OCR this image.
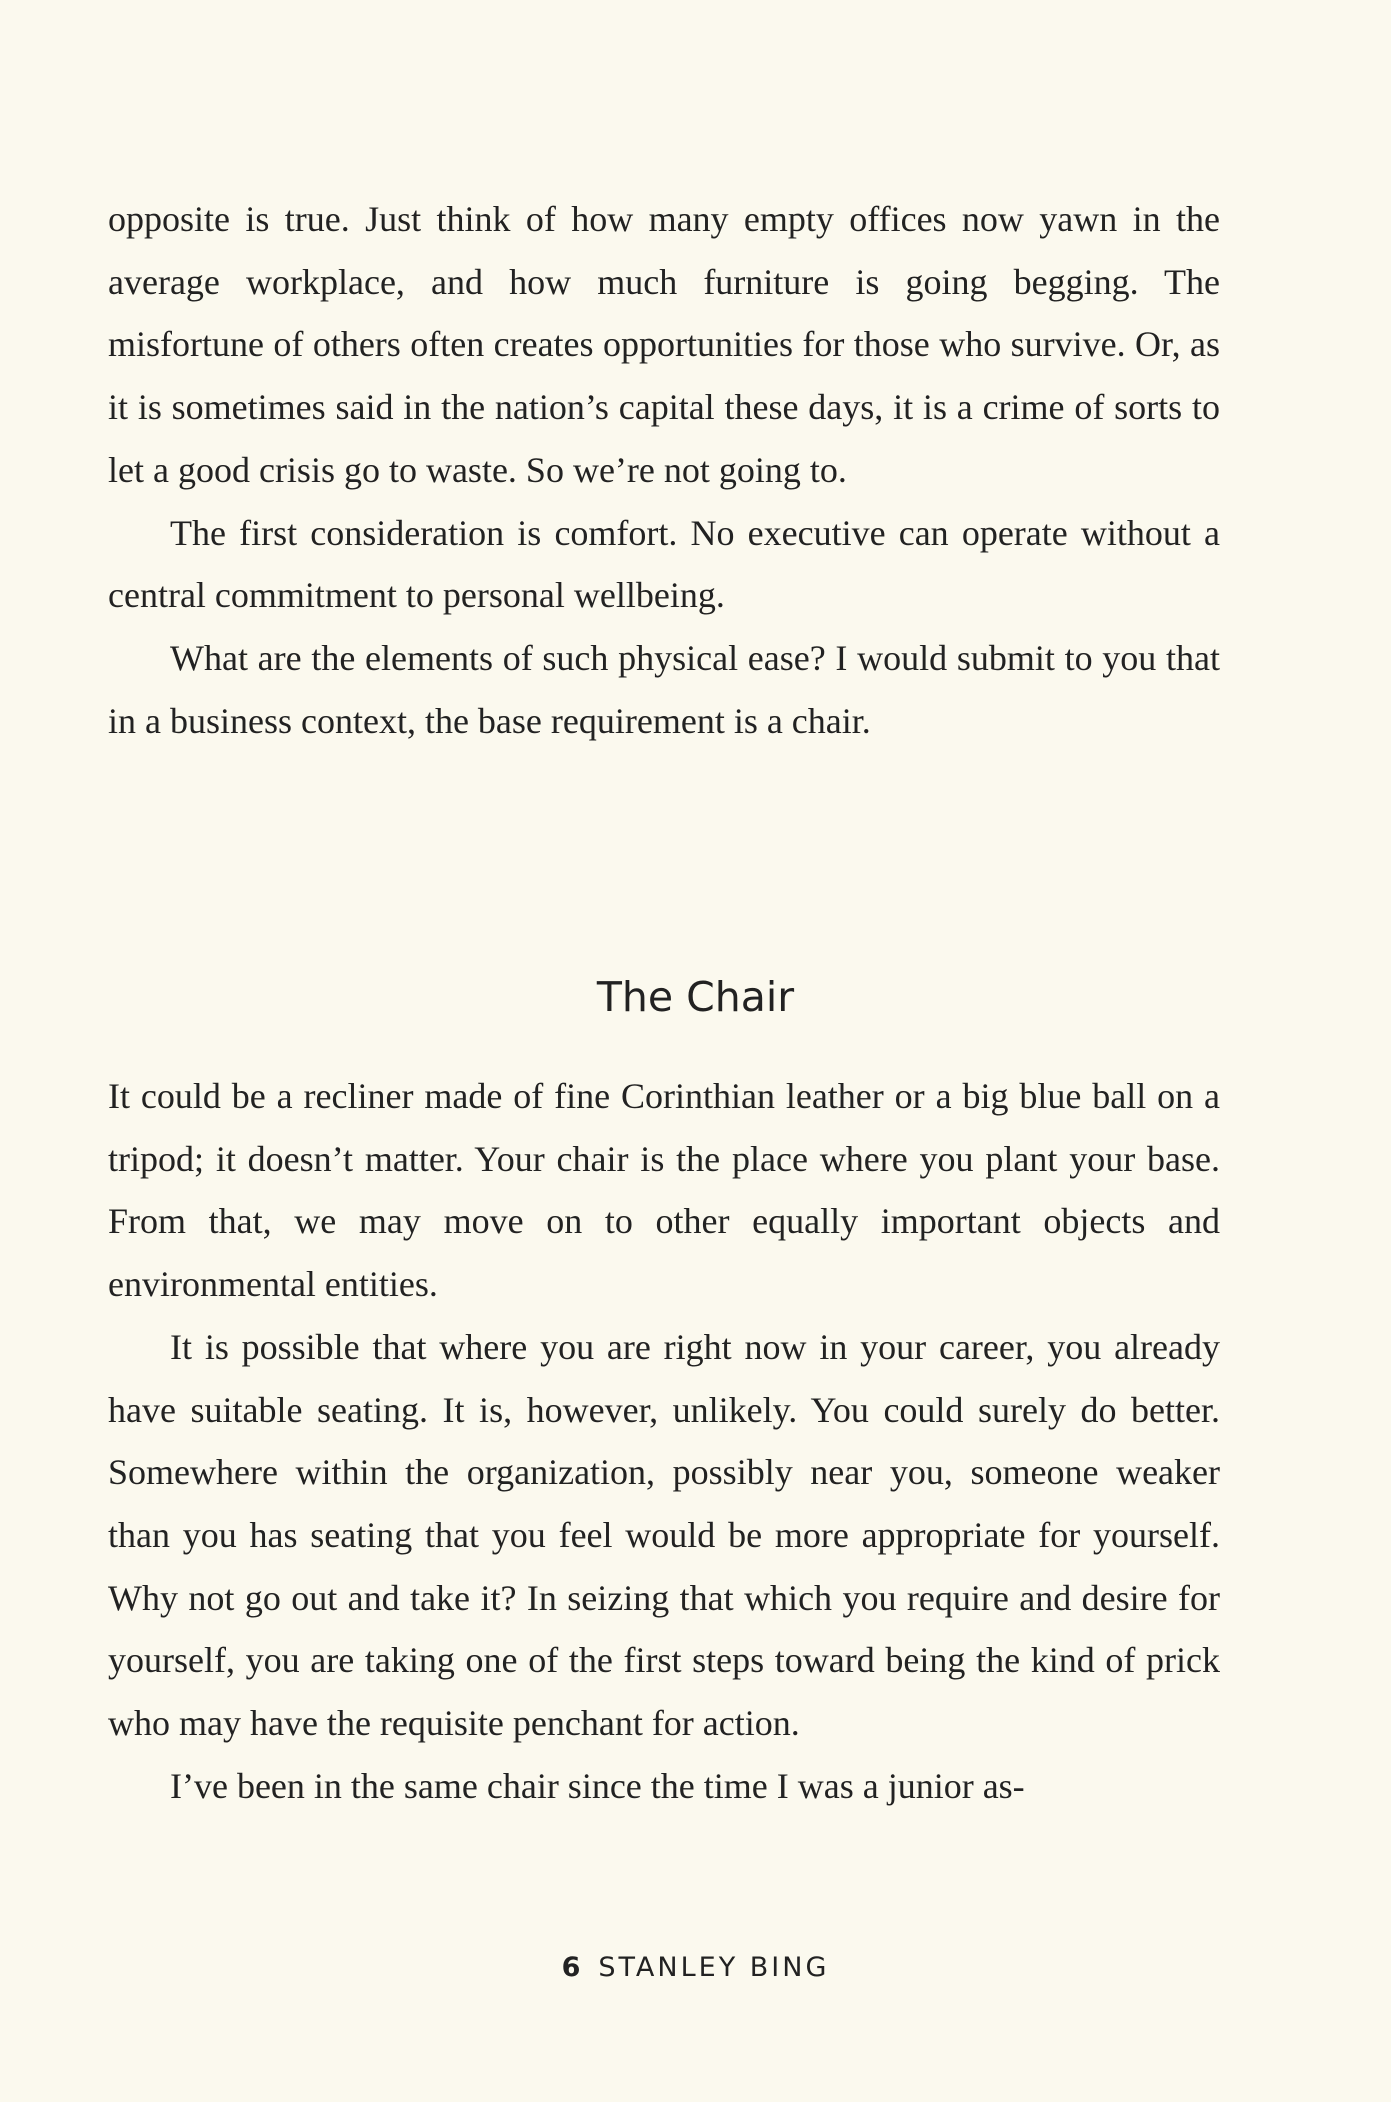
opposite is true. Just think of how many empty offices now yawn in the average workplace, and how much furniture is going begging. The misfortune of others often creates opportunities for those who survive. Or, as it is sometimes said in the nation’s capital these days, it is a crime of sorts to let a good crisis go to waste. So we’re not going to.

The first consideration is comfort. No executive can operate without a central commitment to personal wellbeing.

What are the elements of such physical ease? I would submit to you that in a business context, the base requirement is a chair.

The Chair

It could be a recliner made of fine Corinthian leather or a big blue ball on a tripod; it doesn’t matter. Your chair is the place where you plant your base. From that, we may move on to other equally important objects and environmental entities.

It is possible that where you are right now in your career, you already have suitable seating. It is, however, unlikely. You could surely do better. Somewhere within the organization, possibly near you, someone weaker than you has seating that you feel would be more appropriate for yourself. Why not go out and take it? In seizing that which you require and desire for yourself, you are taking one of the first steps toward being the kind of prick who may have the requisite penchant for action.

I’ve been in the same chair since the time I was a junior as-

6 STANLEY BING
